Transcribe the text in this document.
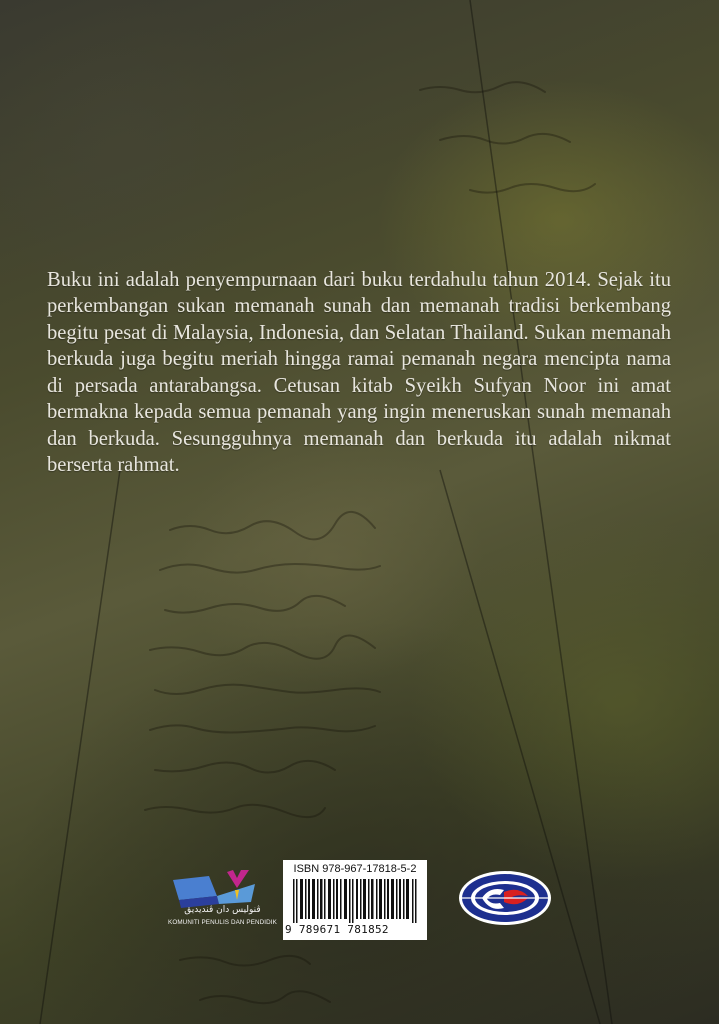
Buku ini adalah penyempurnaan dari buku terdahulu tahun 2014. Sejak itu perkembangan sukan memanah sunah dan memanah tradisi berkembang begitu pesat di Malaysia, Indonesia, dan Selatan Thailand. Sukan memanah berkuda juga begitu meriah hingga ramai pemanah negara mencipta nama di persada antarabangsa. Cetusan kitab Syeikh Sufyan Noor ini amat bermakna kepada semua pemanah yang ingin meneruskan sunah memanah dan berkuda. Sesungguhnya memanah dan berkuda itu adalah nikmat berserta rahmat.

ڤنوليس دان ڤنديديق
KOMUNITI PENULIS DAN PENDIDIK
ISBN 978-967-17818-5-2
9 789671 781852
